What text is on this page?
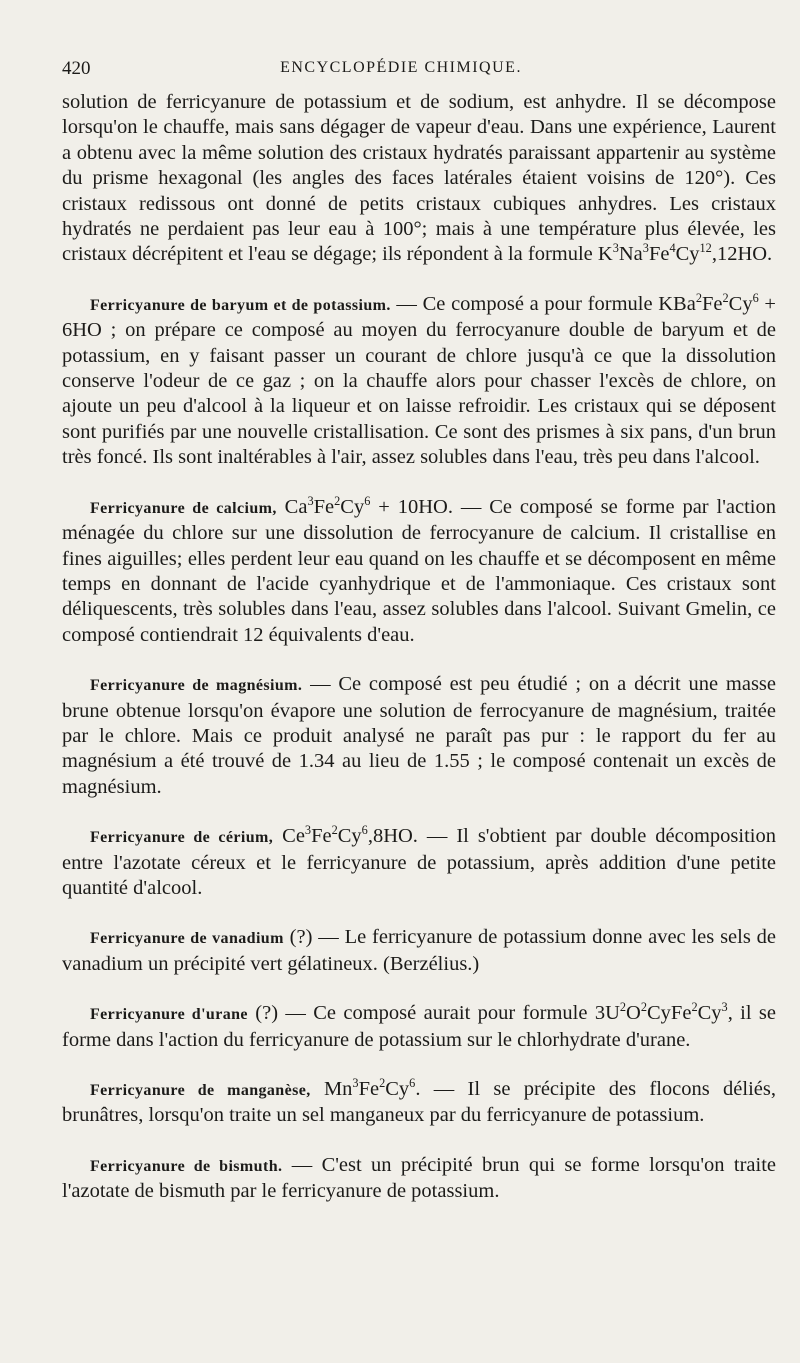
420	ENCYCLOPÉDIE CHIMIQUE.

solution de ferricyanure de potassium et de sodium, est anhydre. Il se décompose lorsqu'on le chauffe, mais sans dégager de vapeur d'eau. Dans une expérience, Laurent a obtenu avec la même solution des cristaux hydratés paraissant appartenir au système du prisme hexagonal (les angles des faces latérales étaient voisins de 120°). Ces cristaux redissous ont donné de petits cristaux cubiques anhydres. Les cristaux hydratés ne perdaient pas leur eau à 100°; mais à une température plus élevée, les cristaux décrépitent et l'eau se dégage; ils répondent à la formule $K^3Na^3Fe^4Cy^{12},12HO$.

Ferricyanure de baryum et de potassium. — Ce composé a pour formule $KBa^2Fe^2Cy^6 + 6HO$ ; on prépare ce composé au moyen du ferrocyanure double de baryum et de potassium, en y faisant passer un courant de chlore jusqu'à ce que la dissolution conserve l'odeur de ce gaz ; on la chauffe alors pour chasser l'excès de chlore, on ajoute un peu d'alcool à la liqueur et on laisse refroidir. Les cristaux qui se déposent sont purifiés par une nouvelle cristallisation. Ce sont des prismes à six pans, d'un brun très foncé. Ils sont inaltérables à l'air, assez solubles dans l'eau, très peu dans l'alcool.

Ferricyanure de calcium, $Ca^3Fe^2Cy^6 + 10HO$. — Ce composé se forme par l'action ménagée du chlore sur une dissolution de ferrocyanure de calcium. Il cristallise en fines aiguilles; elles perdent leur eau quand on les chauffe et se décomposent en même temps en donnant de l'acide cyanhydrique et de l'ammoniaque. Ces cristaux sont déliquescents, très solubles dans l'eau, assez solubles dans l'alcool. Suivant Gmelin, ce composé contiendrait 12 équivalents d'eau.

Ferricyanure de magnésium. — Ce composé est peu étudié ; on a décrit une masse brune obtenue lorsqu'on évapore une solution de ferrocyanure de magnésium, traitée par le chlore. Mais ce produit analysé ne paraît pas pur : le rapport du fer au magnésium a été trouvé de 1.34 au lieu de 1.55 ; le composé contenait un excès de magnésium.

Ferricyanure de cérium, Ce$^3$Fe$^2$Cy$^6$,8HO. — Il s'obtient par double décomposition entre l'azotate céreux et le ferricyanure de potassium, après addition d'une petite quantité d'alcool.

Ferricyanure de vanadium (?) — Le ferricyanure de potassium donne avec les sels de vanadium un précipité vert gélatineux. (Berzélius.)

Ferricyanure d'urane (?) — Ce composé aurait pour formule $3U^2O^2CyFe^2Cy^3$, il se forme dans l'action du ferricyanure de potassium sur le chlorhydrate d'urane.

Ferricyanure de manganèse, Mn$^3$Fe$^2$Cy$^6$. — Il se précipite des flocons déliés, brunâtres, lorsqu'on traite un sel manganeux par du ferricyanure de potassium.

Ferricyanure de bismuth. — C'est un précipité brun qui se forme lorsqu'on traite l'azotate de bismuth par le ferricyanure de potassium.
